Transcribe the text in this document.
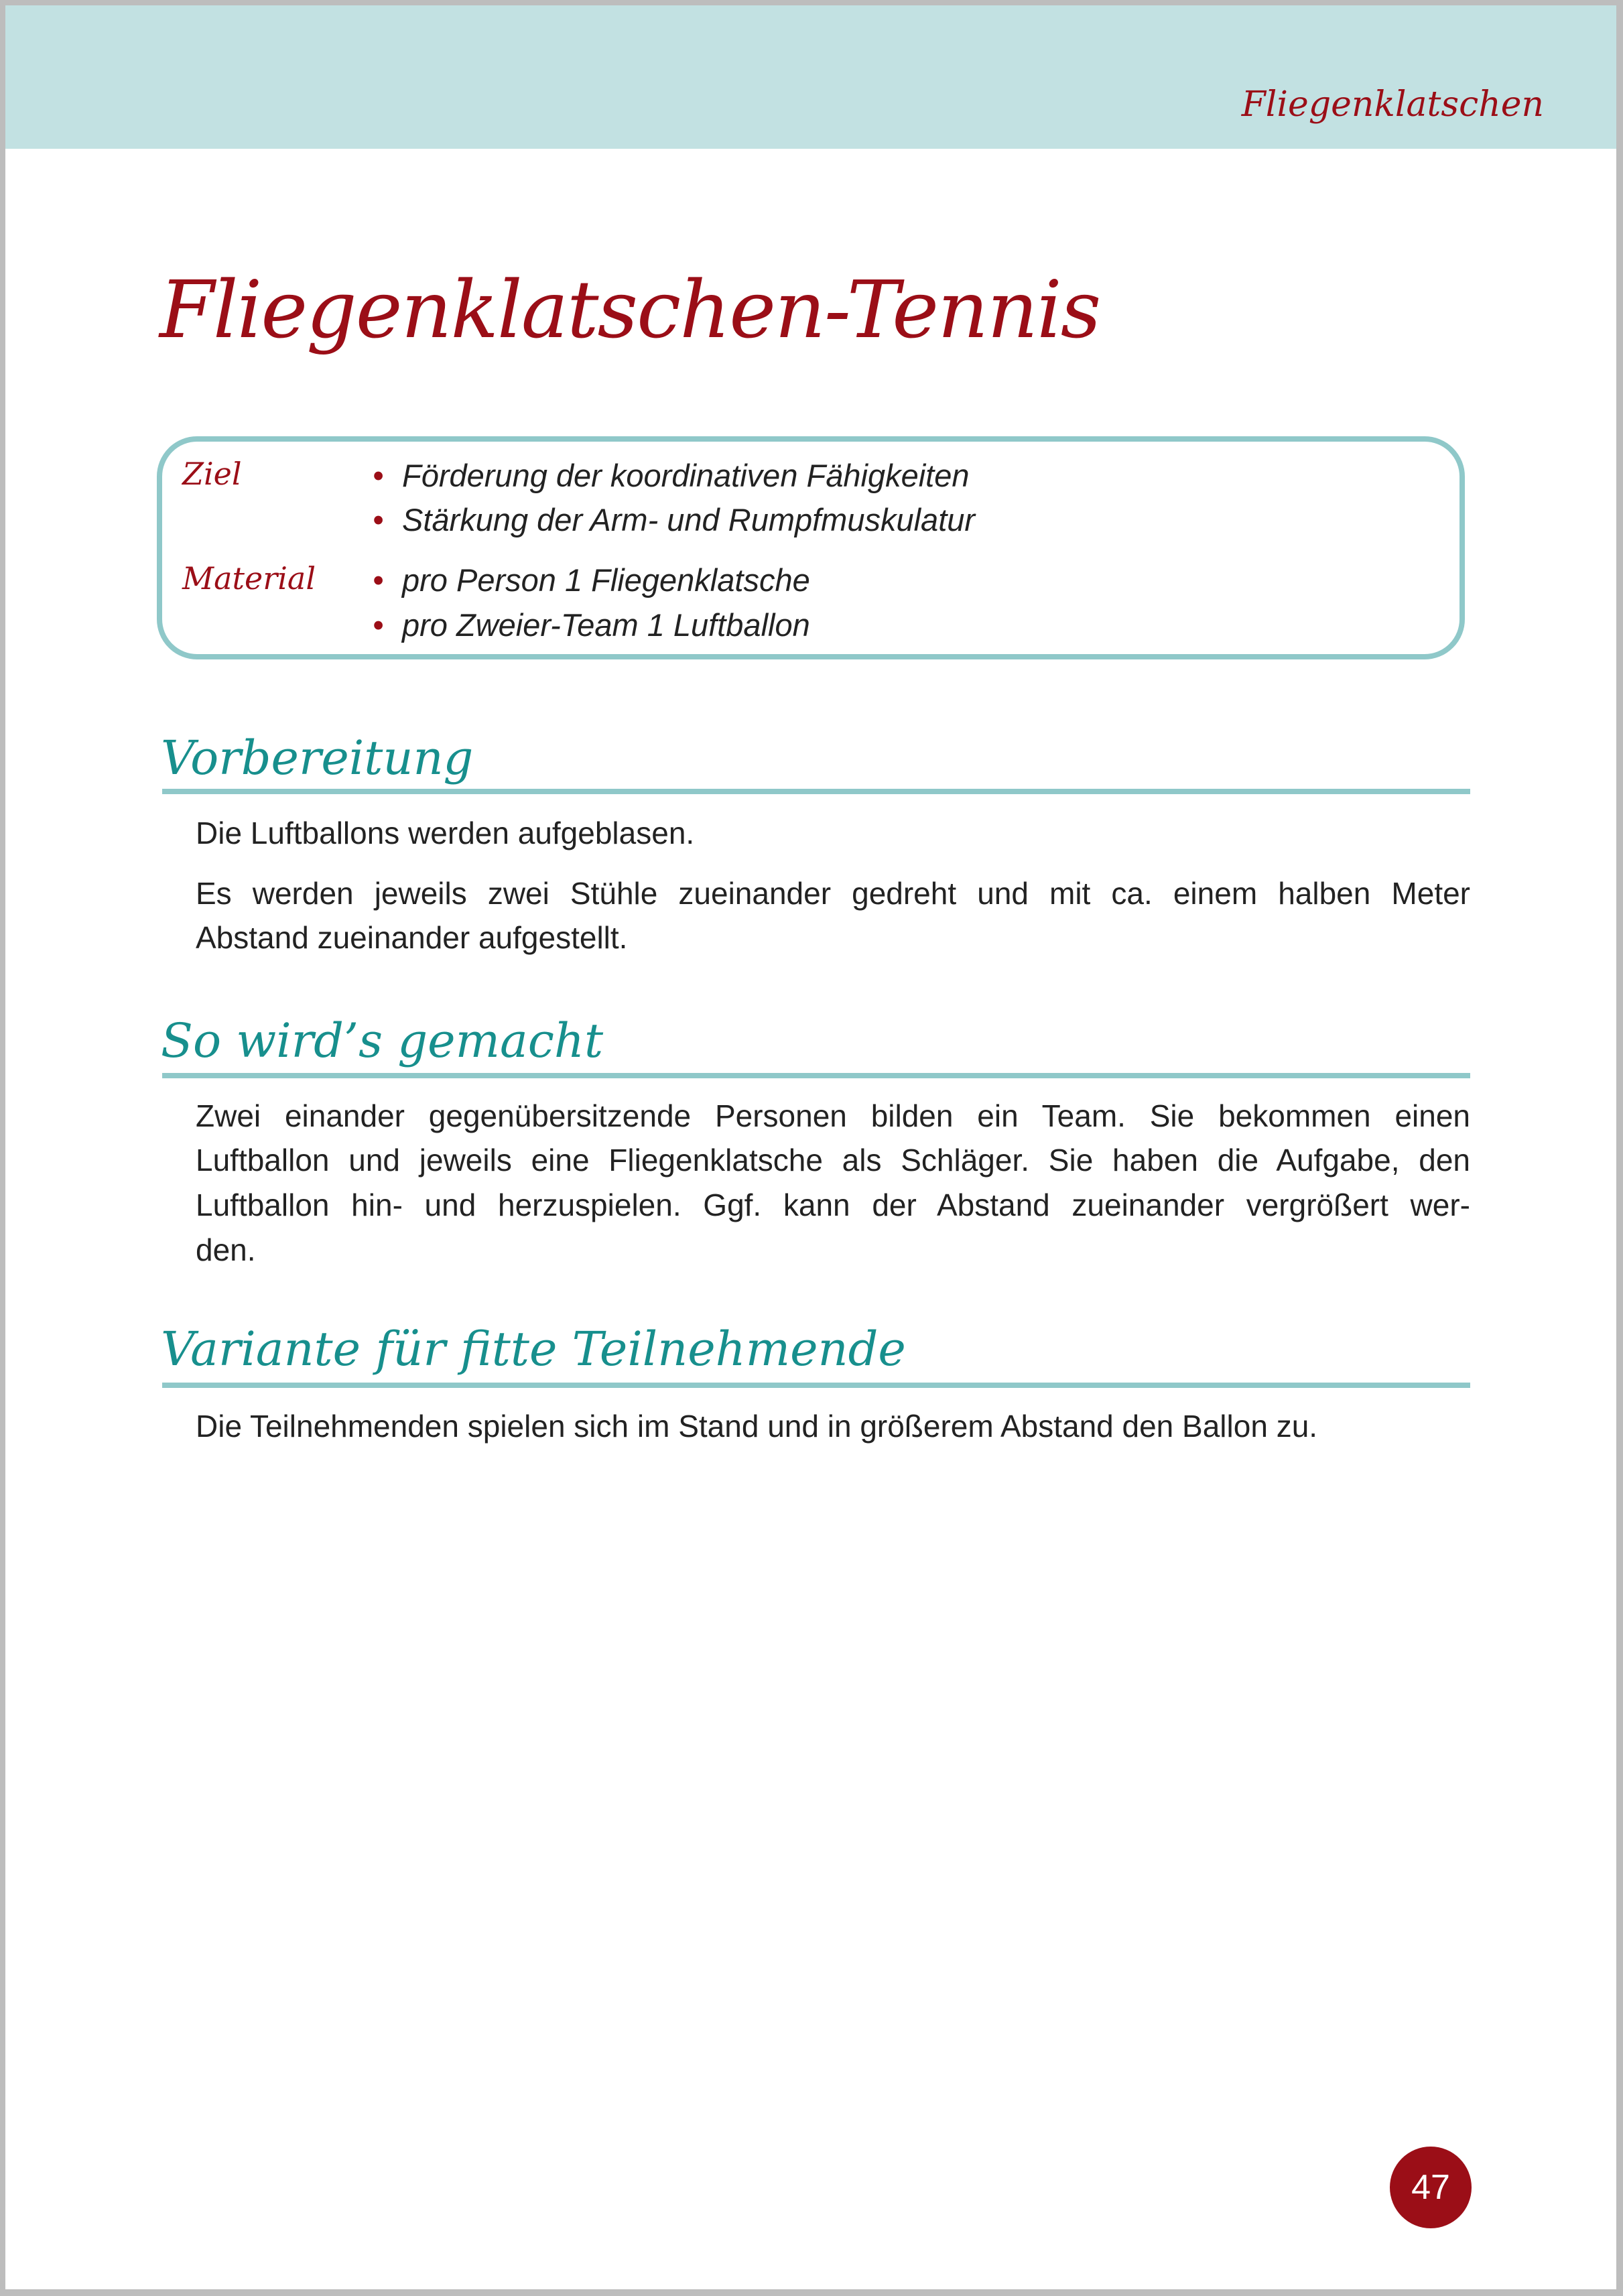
Fliegenklatschen
Fliegenklatschen-Tennis
Ziel	• Förderung der koordinativen Fähigkeiten
• Stärkung der Arm- und Rumpfmuskulatur
Material • pro Person 1 Fliegenklatsche
• pro Zweier-Team 1 Luftballon
Vorbereitung
Die Luftballons werden aufgeblasen.
Es werden jeweils zwei Stühle zueinander gedreht und mit ca. einem halben Meter
Abstand zueinander aufgestellt.
So wird’s gemacht
Zwei einander gegenübersitzende Personen bilden ein Team. Sie bekommen einen
Luftballon und jeweils eine Fliegenklatsche als Schläger. Sie haben die Aufgabe, den
Luftballon hin- und herzuspielen. Ggf. kann der Abstand zueinander vergrößert wer-
den.
Variante für fitte Teilnehmende
Die Teilnehmenden spielen sich im Stand und in größerem Abstand den Ballon zu.
47
